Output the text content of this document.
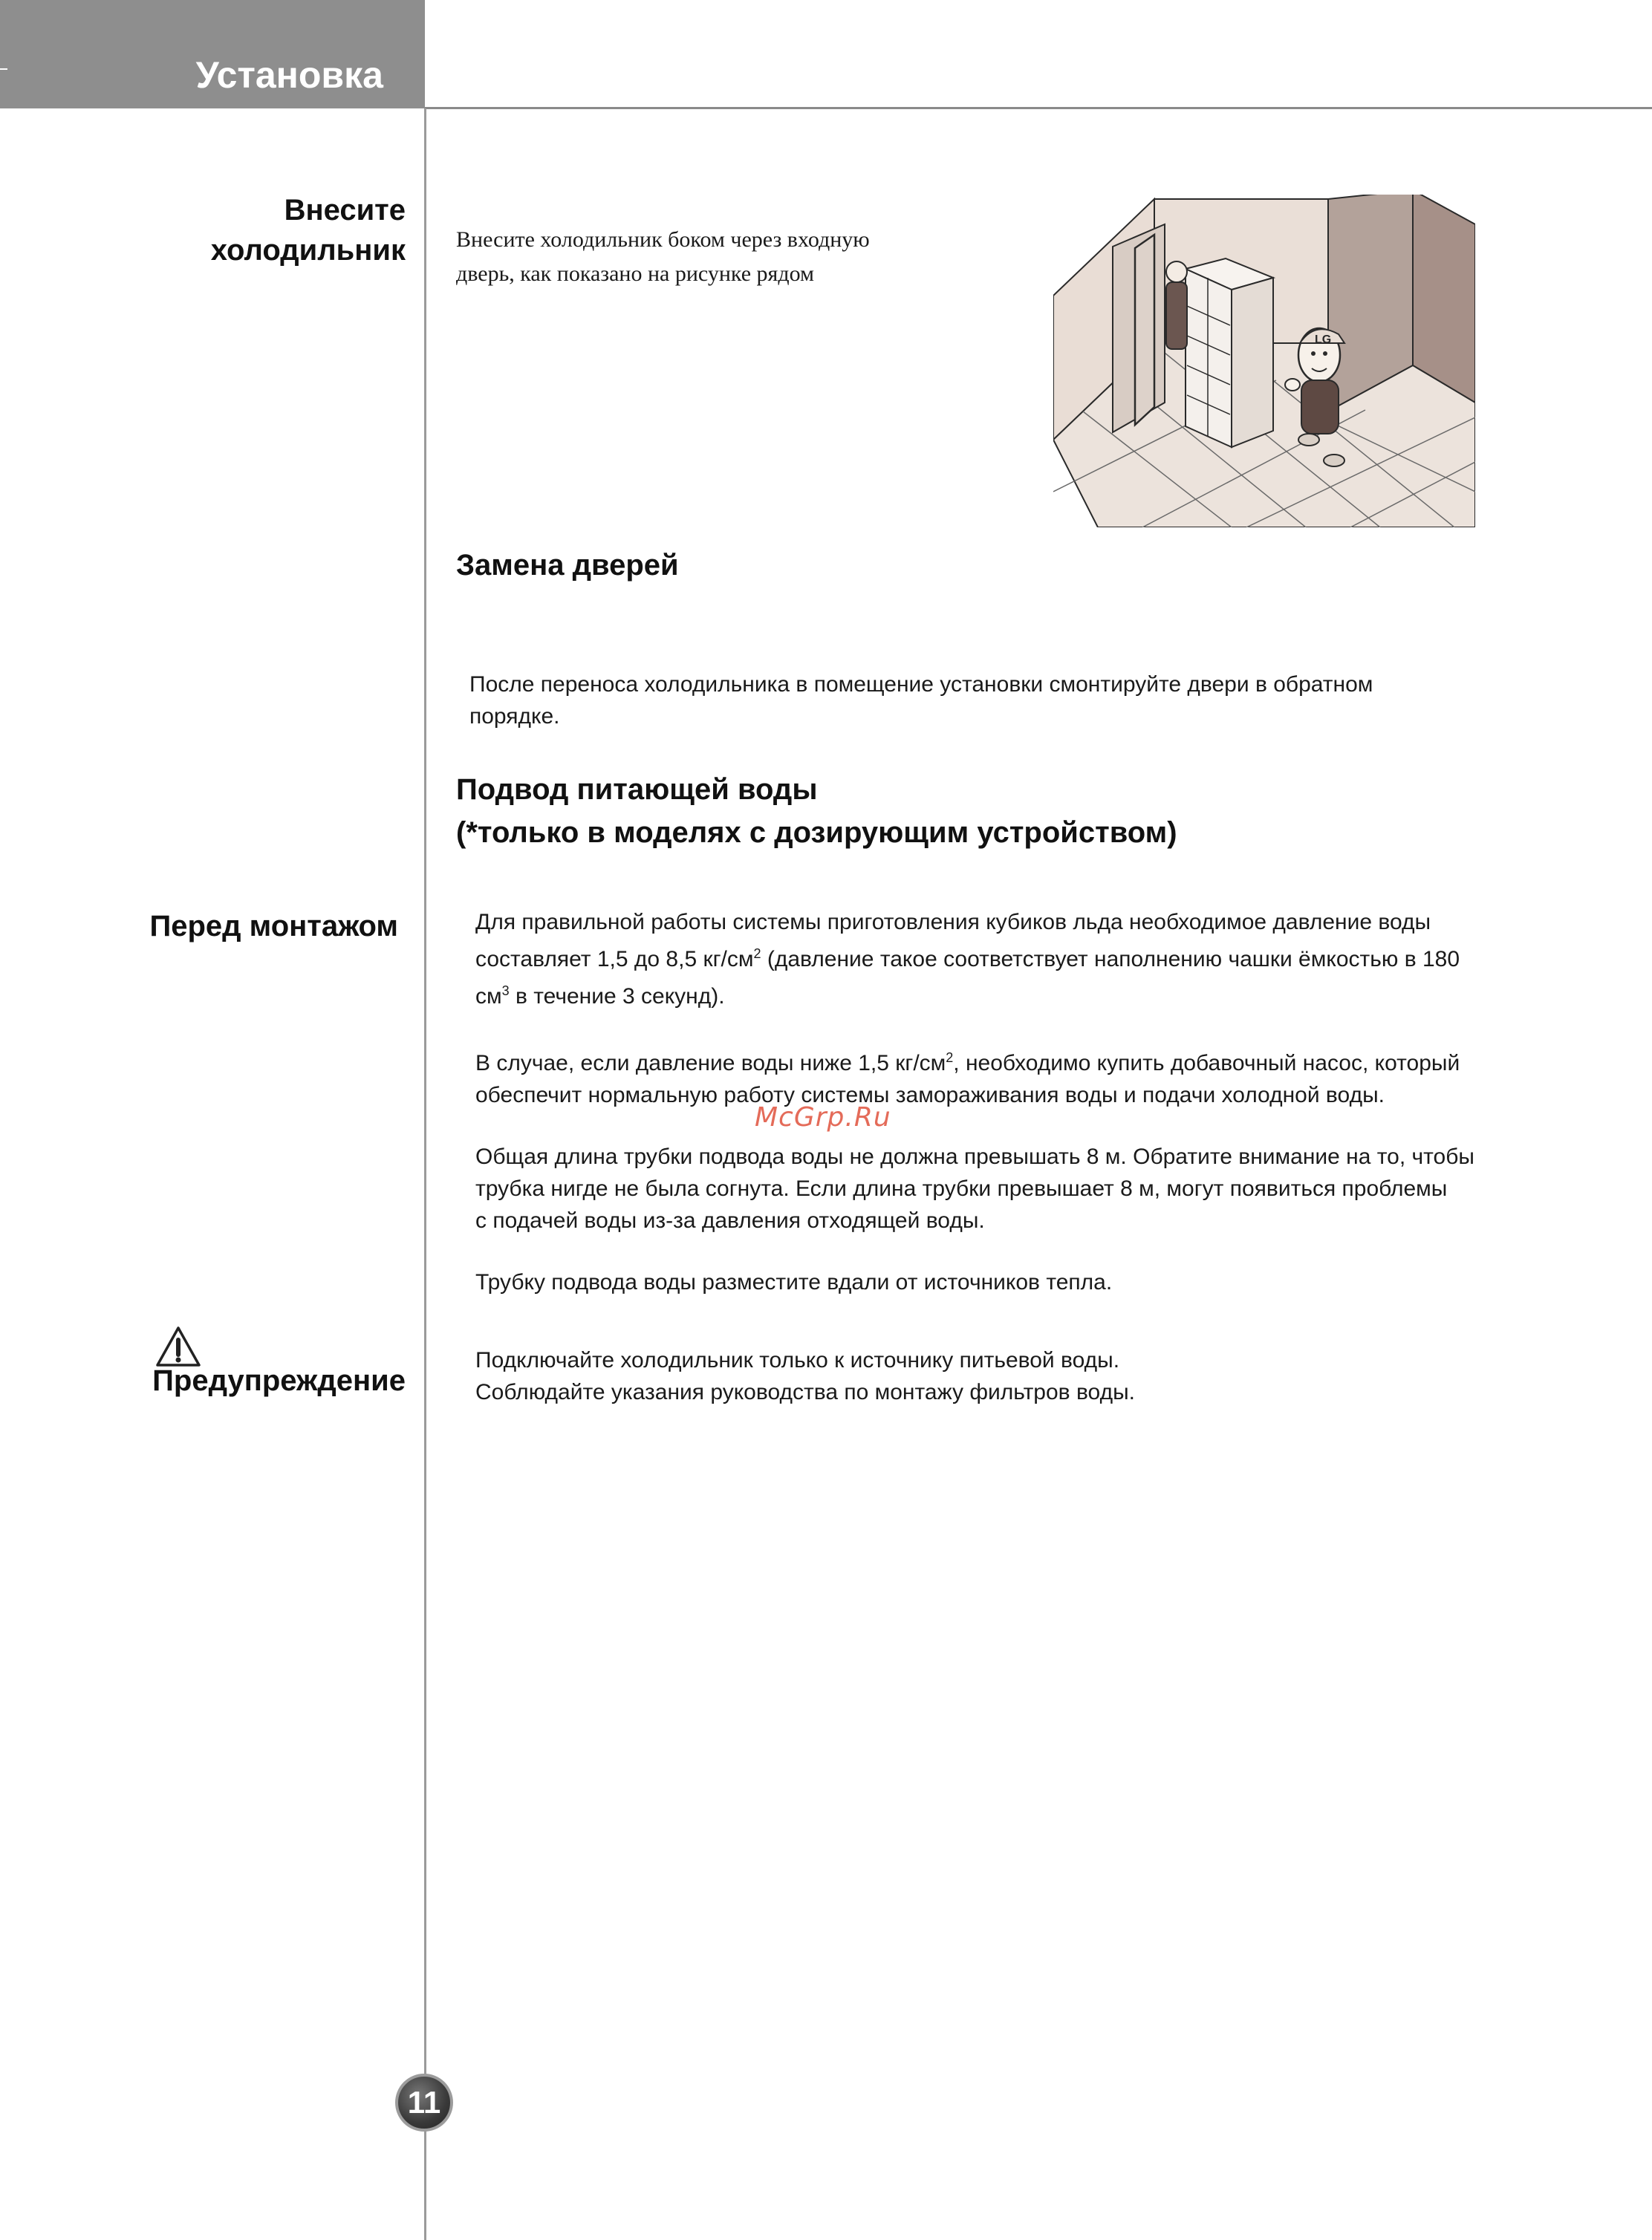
Установка
Внесите
холодильник
Перед монтажом
Предупреждение
Внесите холодильник боком через входную
дверь, как показано на рисунке рядом
LG
Замена дверей
После переноса холодильника в помещение установки смонтируйте двери в обратном
порядке.
Подвод питающей воды
(*только в моделях с дозирующим устройством)
Для правильной работы системы приготовления кубиков льда необходимое давление воды
составляет 1,5 до 8,5 $кг/см^2$ (давление такое соответствует наполнению чашки ёмкостью в 180
$см^3$ в течение 3 секунд).
В случае, если давление воды ниже 1,5 $кг/см^2$, необходимо купить добавочный насос, который
обеспечит нормальную работу системы замораживания воды и подачи холодной воды.
Общая длина трубки подвода воды не должна превышать 8 м. Обратите внимание на то, чтобы
трубка нигде не была согнута. Если длина трубки превышает 8 м, могут появиться проблемы
с подачей воды из-за давления отходящей воды.
Трубку подвода воды разместите вдали от источников тепла.
Подключайте холодильник только к источнику питьевой воды.
Соблюдайте указания руководства по монтажу фильтров воды.
McGrp.Ru
11
